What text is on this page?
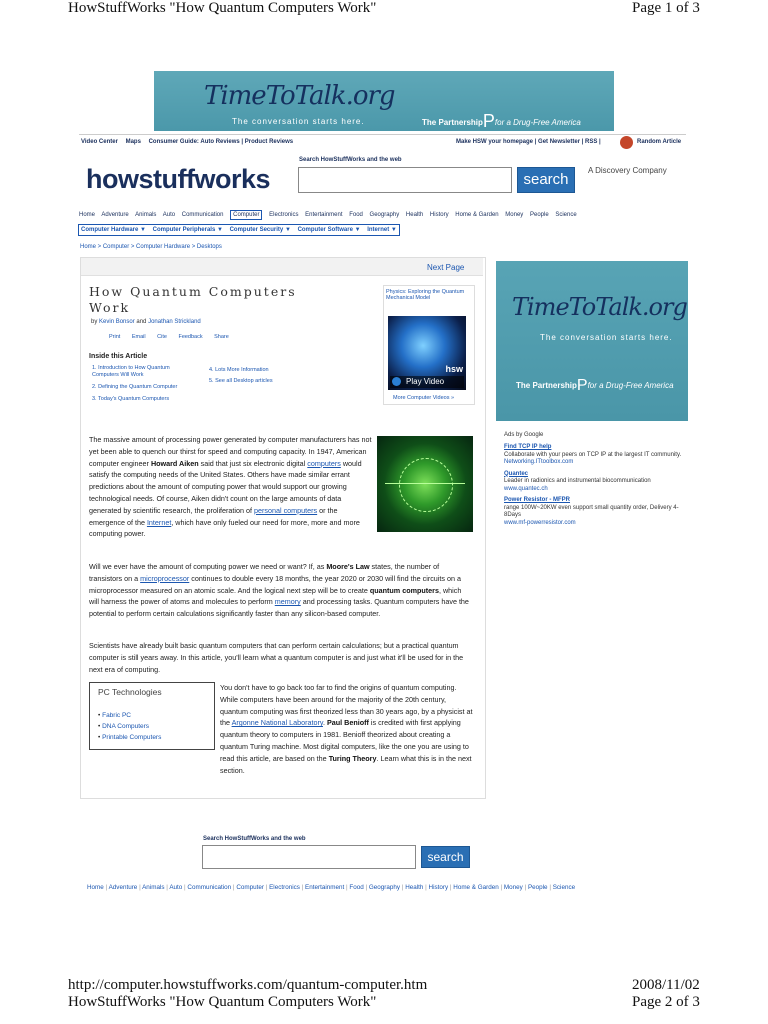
HowStuffWorks "How Quantum Computers Work"	Page 1 of 3
TimeToTalk.org
The conversation starts here.	The PartnershipPfor a Drug-Free America
Video Center Maps Consumer Guide: Auto Reviews | Product Reviews	Make HSW your homepage | Get Newsletter | RSS |	Random Article
howstuffworks
Search HowStuffWorks and the web
search
A Discovery Company
Home Adventure Animals Auto Communication Computer Electronics Entertainment Food Geography Health History Home & Garden Money People Science
Computer Hardware ▼ Computer Peripherals ▼ Computer Security ▼ Computer Software ▼ Internet ▼
Home > Computer > Computer Hardware > Desktops
Next Page
How Quantum Computers Work
by Kevin Bonsor and Jonathan Strickland
Print Email Cite Feedback Share
Inside this Article
1. Introduction to How Quantum Computers Will Work
2. Defining the Quantum Computer
3. Today's Quantum Computers
4. Lots More Information
5. See all Desktop articles
Physics: Exploring the Quantum Mechanical Model
hsw
Play Video
More Computer Videos »
The massive amount of processing power generated by computer manufacturers has not yet been able to quench our thirst for speed and computing capacity. In 1947, American computer engineer Howard Aiken said that just six electronic digital computers would satisfy the computing needs of the United States. Others have made similar errant predictions about the amount of computing power that would support our growing technological needs. Of course, Aiken didn't count on the large amounts of data generated by scientific research, the proliferation of personal computers or the emergence of the Internet, which have only fueled our need for more, more and more computing power.
Will we ever have the amount of computing power we need or want? If, as Moore's Law states, the number of transistors on a microprocessor continues to double every 18 months, the year 2020 or 2030 will find the circuits on a microprocessor measured on an atomic scale. And the logical next step will be to create quantum computers, which will harness the power of atoms and molecules to perform memory and processing tasks. Quantum computers have the potential to perform certain calculations significantly faster than any silicon-based computer.
Scientists have already built basic quantum computers that can perform certain calculations; but a practical quantum computer is still years away. In this article, you'll learn what a quantum computer is and just what it'll be used for in the next era of computing.
PC Technologies
• Fabric PC
• DNA Computers
• Printable Computers
You don't have to go back too far to find the origins of quantum computing. While computers have been around for the majority of the 20th century, quantum computing was first theorized less than 30 years ago, by a physicist at the Argonne National Laboratory. Paul Benioff is credited with first applying quantum theory to computers in 1981. Benioff theorized about creating a quantum Turing machine. Most digital computers, like the one you are using to read this article, are based on the Turing Theory. Learn what this is in the next section.
TimeToTalk.org
The conversation starts here.
The PartnershipPfor a Drug-Free America
Ads by Google
Find TCP IP help
Collaborate with your peers on TCP IP at the largest IT community.
Networking.ITtoolbox.com
Quantec
Leader in radionics and instrumental biocommunication
www.quantec.ch
Power Resistor - MFPR
range 100W~20KW even support small quantity order, Delivery 4-8Days
www.mf-powerresistor.com
Search HowStuffWorks and the web
search
Home | Adventure | Animals | Auto | Communication | Computer | Electronics | Entertainment | Food | Geography | Health | History | Home & Garden | Money | People | Science
http://computer.howstuffworks.com/quantum-computer.htm	2008/11/02
HowStuffWorks "How Quantum Computers Work"	Page 2 of 3
